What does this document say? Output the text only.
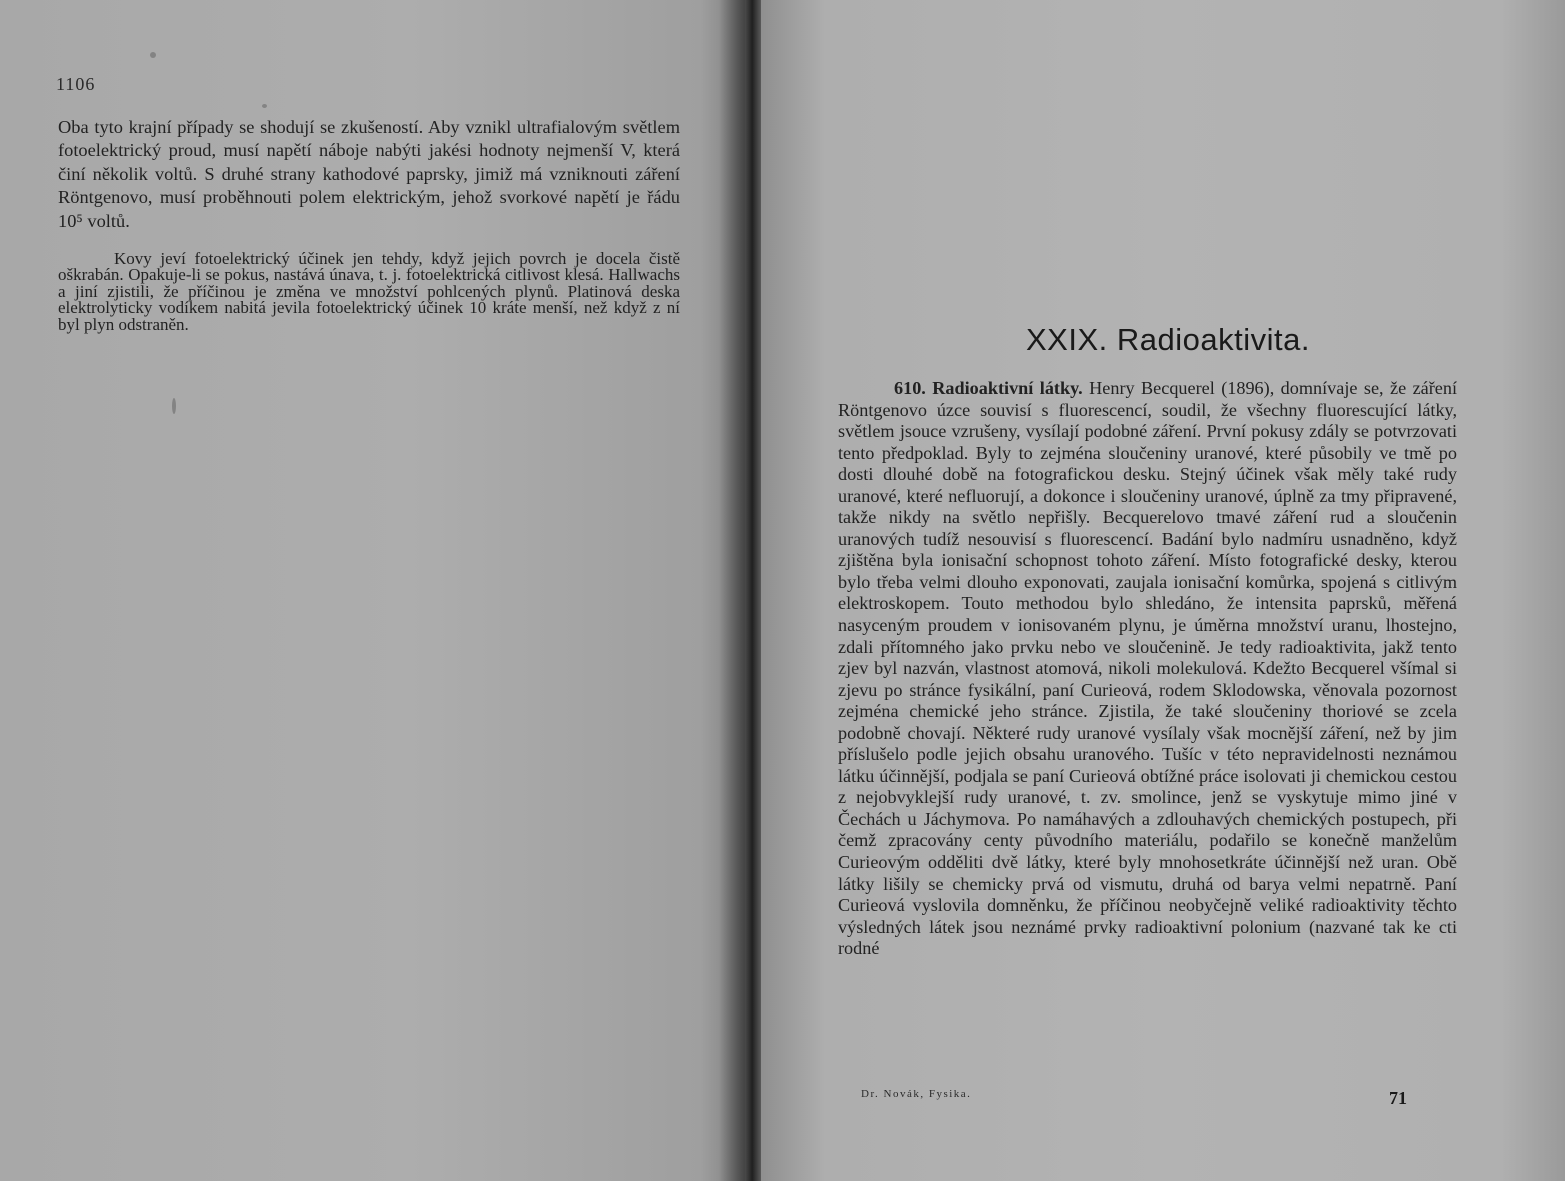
1106

Oba tyto krajní případy se shodují se zkušeností. Aby vznikl ultrafialovým světlem fotoelektrický proud, musí napětí náboje nabýti jakési hodnoty nejmenší V, která činí několik voltů. S druhé strany kathodové paprsky, jimiž má vzniknouti záření Röntgenovo, musí proběhnouti polem elektrickým, jehož svorkové napětí je řádu 10⁵ voltů.

Kovy jeví fotoelektrický účinek jen tehdy, když jejich povrch je docela čistě oškrabán. Opakuje-li se pokus, nastává únava, t. j. fotoelektrická citlivost klesá. Hallwachs a jiní zjistili, že příčinou je změna ve množství pohlcených plynů. Platinová deska elektrolyticky vodíkem nabitá jevila fotoelektrický účinek 10 kráte menší, než když z ní byl plyn odstraněn.	XXIX. Radioaktivita.

610. Radioaktivní látky. Henry Becquerel (1896), domnívaje se, že záření Röntgenovo úzce souvisí s fluorescencí, soudil, že všechny fluorescující látky, světlem jsouce vzrušeny, vysílají podobné záření. První pokusy zdály se potvrzovati tento předpoklad. Byly to zejména sloučeniny uranové, které působily ve tmě po dosti dlouhé době na fotografickou desku. Stejný účinek však měly také rudy uranové, které nefluorují, a dokonce i sloučeniny uranové, úplně za tmy připravené, takže nikdy na světlo nepřišly. Becquerelovo tmavé záření rud a sloučenin uranových tudíž nesouvisí s fluorescencí. Badání bylo nadmíru usnadněno, když zjištěna byla ionisační schopnost tohoto záření. Místo fotografické desky, kterou bylo třeba velmi dlouho exponovati, zaujala ionisační komůrka, spojená s citlivým elektroskopem. Touto methodou bylo shledáno, že intensita paprsků, měřená nasyceným proudem v ionisovaném plynu, je úměrna množství uranu, lhostejno, zdali přítomného jako prvku nebo ve sloučenině. Je tedy radioaktivita, jakž tento zjev byl nazván, vlastnost atomová, nikoli molekulová. Kdežto Becquerel všímal si zjevu po stránce fysikální, paní Curieová, rodem Sklodowska, věnovala pozornost zejména chemické jeho stránce. Zjistila, že také sloučeniny thoriové se zcela podobně chovají. Některé rudy uranové vysílaly však mocnější záření, než by jim příslušelo podle jejich obsahu uranového. Tušíc v této nepravidelnosti neznámou látku účinnější, podjala se paní Curieová obtížné práce isolovati ji chemickou cestou z nejobvyklejší rudy uranové, t. zv. smolince, jenž se vyskytuje mimo jiné v Čechách u Jáchymova. Po namáhavých a zdlouhavých chemických postupech, při čemž zpracovány centy původního materiálu, podařilo se konečně manželům Curieovým odděliti dvě látky, které byly mnohosetkráte účinnější než uran. Obě látky lišily se chemicky prvá od vismutu, druhá od barya velmi nepatrně. Paní Curieová vyslovila domněnku, že příčinou neobyčejně veliké radioaktivity těchto výsledných látek jsou neznámé prvky radioaktivní polonium (nazvané tak ke cti rodné

Dr. Novák, Fysika.	71
